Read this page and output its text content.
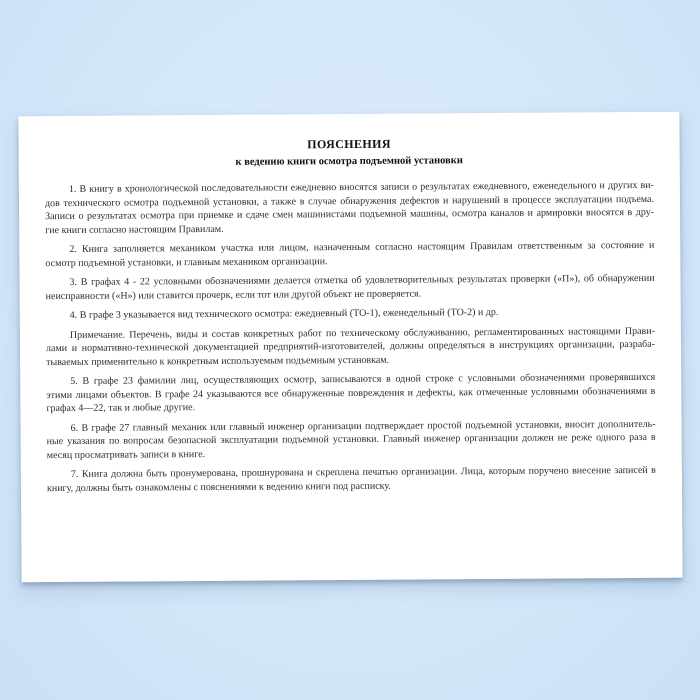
ПОЯСНЕНИЯ
к ведению книги осмотра подъемной установки
1. В книгу в хронологической последовательности ежедневно вносятся записи о результатах ежедневного, еженедельного и других ви-
дов технического осмотра подъемной установки, а также в случае обнаружения дефектов и нарушений в процессе эксплуатации подъема.
Записи о результатах осмотра при приемке и сдаче смен машинистами подъемной машины, осмотра каналов и армировки вносятся в дру-
гие книги согласно настоящим Правилам.
2. Книга заполняется механиком участка или лицом, назначенным согласно настоящим Правилам ответственным за состояние и
осмотр подъемной установки, и главным механиком организации.
3. В графах 4 - 22 условными обозначениями делается отметка об удовлетворительных результатах проверки («П»), об обнаружении
неисправности («Н») или ставится прочерк, если тот или другой объект не проверяется.
4. В графе 3 указывается вид технического осмотра: ежедневный (ТО-1), еженедельный (ТО-2) и др.
Примечание. Перечень, виды и состав конкретных работ по техническому обслуживанию, регламентированных настоящими Прави-
лами и нормативно-технической документацией предприятий-изготовителей, должны определяться в инструкциях организации, разраба-
тываемых применительно к конкретным используемым подъемным установкам.
5. В графе 23 фамилии лиц, осуществляющих осмотр, записываются в одной строке с условными обозначениями проверявшихся
этими лицами объектов. В графе 24 указываются все обнаруженные повреждения и дефекты, как отмеченные условными обозначениями в
графах 4—22, так и любые другие.
6. В графе 27 главный механик или главный инженер организации подтверждает простой подъемной установки, вносит дополнитель-
ные указания по вопросам безопасной эксплуатации подъемной установки. Главный инженер организации должен не реже одного раза в
месяц просматривать записи в книге.
7. Книга должна быть пронумерована, прошнурована и скреплена печатью организации. Лица, которым поручено внесение записей в
книгу, должны быть ознакомлены с пояснениями к ведению книги под расписку.
